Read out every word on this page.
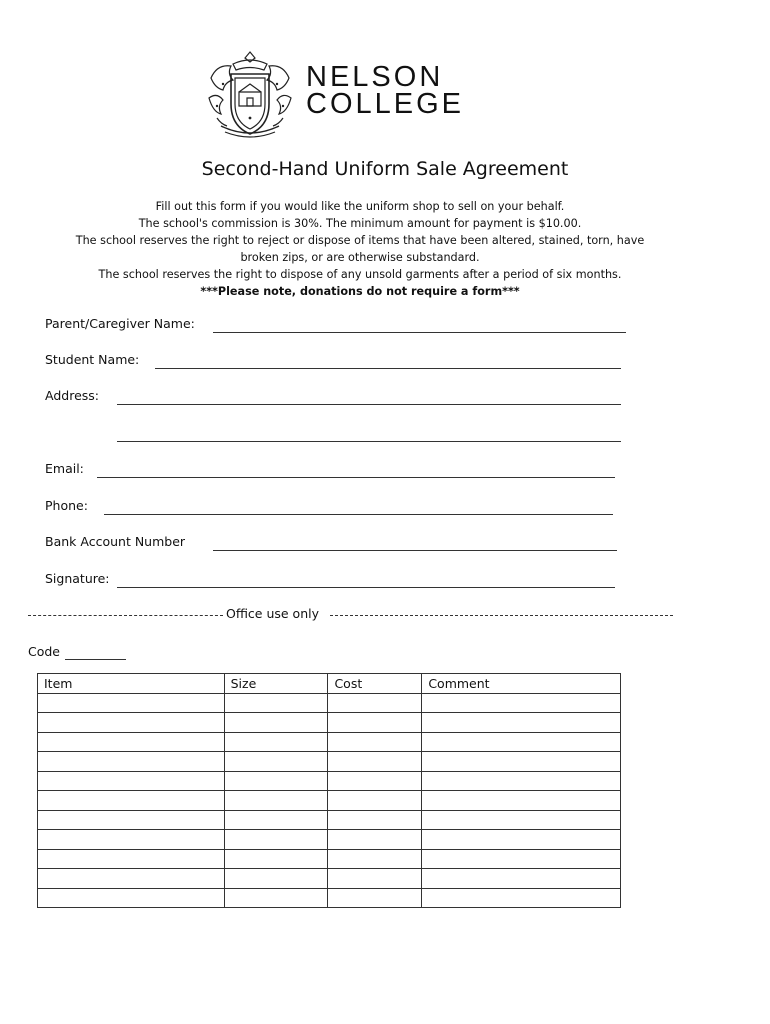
NELSON
COLLEGE
Second-Hand Uniform Sale Agreement
Fill out this form if you would like the uniform shop to sell on your behalf.
The school's commission is 30%. The minimum amount for payment is $10.00.
The school reserves the right to reject or dispose of items that have been altered, stained, torn, have
broken zips, or are otherwise substandard.
The school reserves the right to dispose of any unsold garments after a period of six months.
***Please note, donations do not require a form***
Parent/Caregiver Name:
Student Name:
Address:
Email:
Phone:
Bank Account Number
Signature:
Office use only
Code
Item	Size	Cost	Comment
